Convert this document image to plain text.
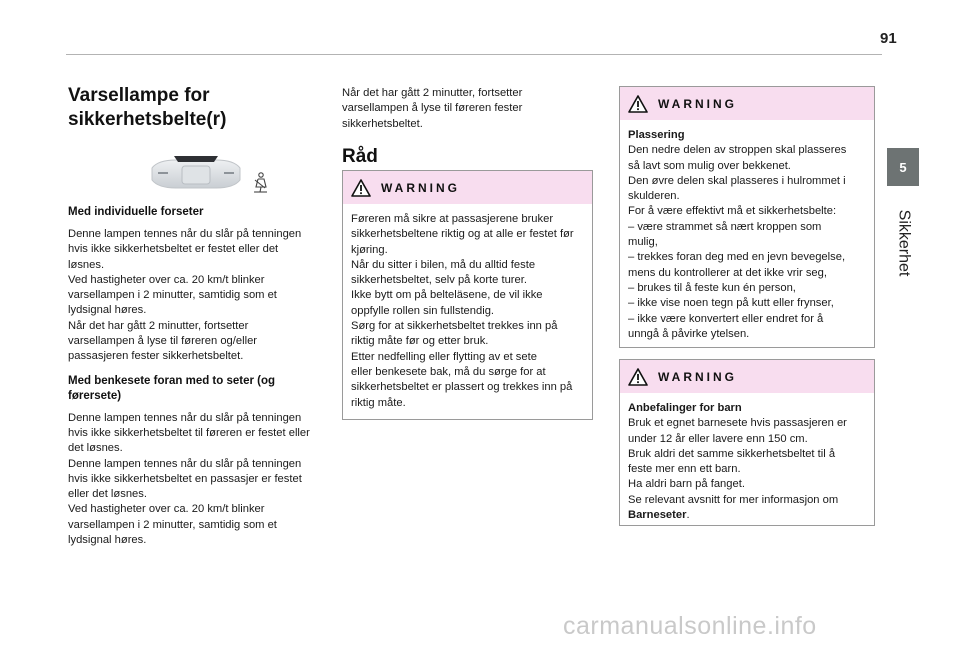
91
5
Sikkerhet
Varsellampe for
sikkerhetsbelte(r)

Med individuelle forseter

Denne lampen tennes når du slår på tenningen
hvis ikke sikkerhetsbeltet er festet eller det
løsnes.
Ved hastigheter over ca. 20 km/t blinker
varsellampen i 2 minutter, samtidig som et
lydsignal høres.
Når det har gått 2 minutter, fortsetter
varsellampen å lyse til føreren og/eller
passasjeren fester sikkerhetsbeltet.

Med benkesete foran med to seter (og
førersete)

Denne lampen tennes når du slår på tenningen
hvis ikke sikkerhetsbeltet til føreren er festet eller
det løsnes.
Denne lampen tennes når du slår på tenningen
hvis ikke sikkerhetsbeltet en passasjer er festet
eller det løsnes.
Ved hastigheter over ca. 20 km/t blinker
varsellampen i 2 minutter, samtidig som et
lydsignal høres.

Når det har gått 2 minutter, fortsetter
varsellampen å lyse til føreren fester
sikkerhetsbeltet.

Råd
WARNING
Føreren må sikre at passasjerene bruker
sikkerhetsbeltene riktig og at alle er festet før
kjøring.
Når du sitter i bilen, må du alltid feste
sikkerhetsbeltet, selv på korte turer.
Ikke bytt om på belteläsene, de vil ikke
oppfylle rollen sin fullstendig.
Sørg for at sikkerhetsbeltet trekkes inn på
riktig måte før og etter bruk.
Etter nedfelling eller flytting av et sete
eller benkesete bak, må du sørge for at
sikkerhetsbeltet er plassert og trekkes inn på
riktig måte.
WARNING
Plassering
Den nedre delen av stroppen skal plasseres
så lavt som mulig over bekkenet.
Den øvre delen skal plasseres i hulrommet i
skulderen.
For å være effektivt må et sikkerhetsbelte:
– være strammet så nært kroppen som
mulig,
– trekkes foran deg med en jevn bevegelse,
mens du kontrollerer at det ikke vrir seg,
– brukes til å feste kun én person,
– ikke vise noen tegn på kutt eller frynser,
– ikke være konvertert eller endret for å
unngå å påvirke ytelsen.
WARNING
Anbefalinger for barn
Bruk et egnet barnesete hvis passasjeren er
under 12 år eller lavere enn 150 cm.
Bruk aldri det samme sikkerhetsbeltet til å
feste mer enn ett barn.
Ha aldri barn på fanget.
Se relevant avsnitt for mer informasjon om
Barneseter.
carmanualsonline.info
